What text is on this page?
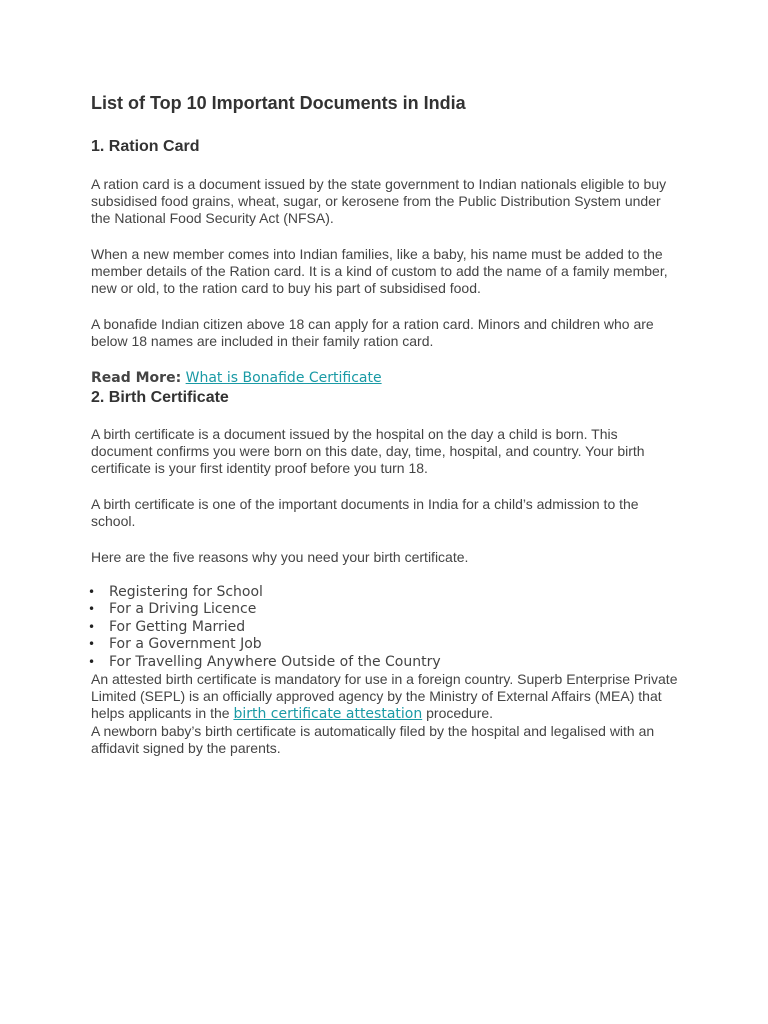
List of Top 10 Important Documents in India
1. Ration Card

A ration card is a document issued by the state government to Indian nationals eligible to buy subsidised food grains, wheat, sugar, or kerosene from the Public Distribution System under the National Food Security Act (NFSA).

When a new member comes into Indian families, like a baby, his name must be added to the member details of the Ration card. It is a kind of custom to add the name of a family member, new or old, to the ration card to buy his part of subsidised food.

A bonafide Indian citizen above 18 can apply for a ration card. Minors and children who are below 18 names are included in their family ration card.

Read More: What is Bonafide Certificate

2. Birth Certificate

A birth certificate is a document issued by the hospital on the day a child is born. This document confirms you were born on this date, day, time, hospital, and country. Your birth certificate is your first identity proof before you turn 18.

A birth certificate is one of the important documents in India for a child’s admission to the school.

Here are the five reasons why you need your birth certificate.

• Registering for School
• For a Driving Licence
• For Getting Married
• For a Government Job
• For Travelling Anywhere Outside of the Country

An attested birth certificate is mandatory for use in a foreign country. Superb Enterprise Private Limited (SEPL) is an officially approved agency by the Ministry of External Affairs (MEA) that helps applicants in the birth certificate attestation procedure.

A newborn baby’s birth certificate is automatically filed by the hospital and legalised with an affidavit signed by the parents.
